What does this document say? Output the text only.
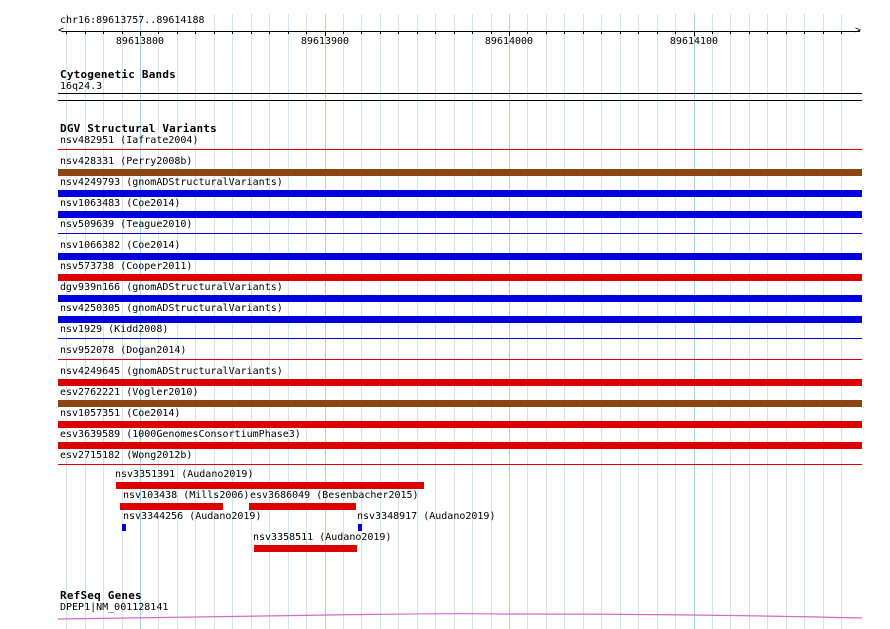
chr16:89613757..89614188
<	>
89613800	89613900	89614000	89614100
Cytogenetic Bands
16q24.3
DGV Structural Variants
nsv482951 (Iafrate2004)
nsv428331 (Perry2008b)
nsv4249793 (gnomADStructuralVariants)
nsv1063483 (Coe2014)
nsv509639 (Teague2010)
nsv1066382 (Coe2014)
nsv573738 (Cooper2011)
dgv939n166 (gnomADStructuralVariants)
nsv4250305 (gnomADStructuralVariants)
nsv1929 (Kidd2008)
nsv952078 (Dogan2014)
nsv4249645 (gnomADStructuralVariants)
esv2762221 (Vogler2010)
nsv1057351 (Coe2014)
esv3639589 (1000GenomesConsortiumPhase3)
esv2715182 (Wong2012b)
nsv3351391 (Audano2019)
nsv103438 (Mills2006) esv3686049 (Besenbacher2015)
nsv3344256 (Audano2019)	nsv3348917 (Audano2019)
nsv3358511 (Audano2019)
RefSeq Genes
DPEP1|NM_001128141
